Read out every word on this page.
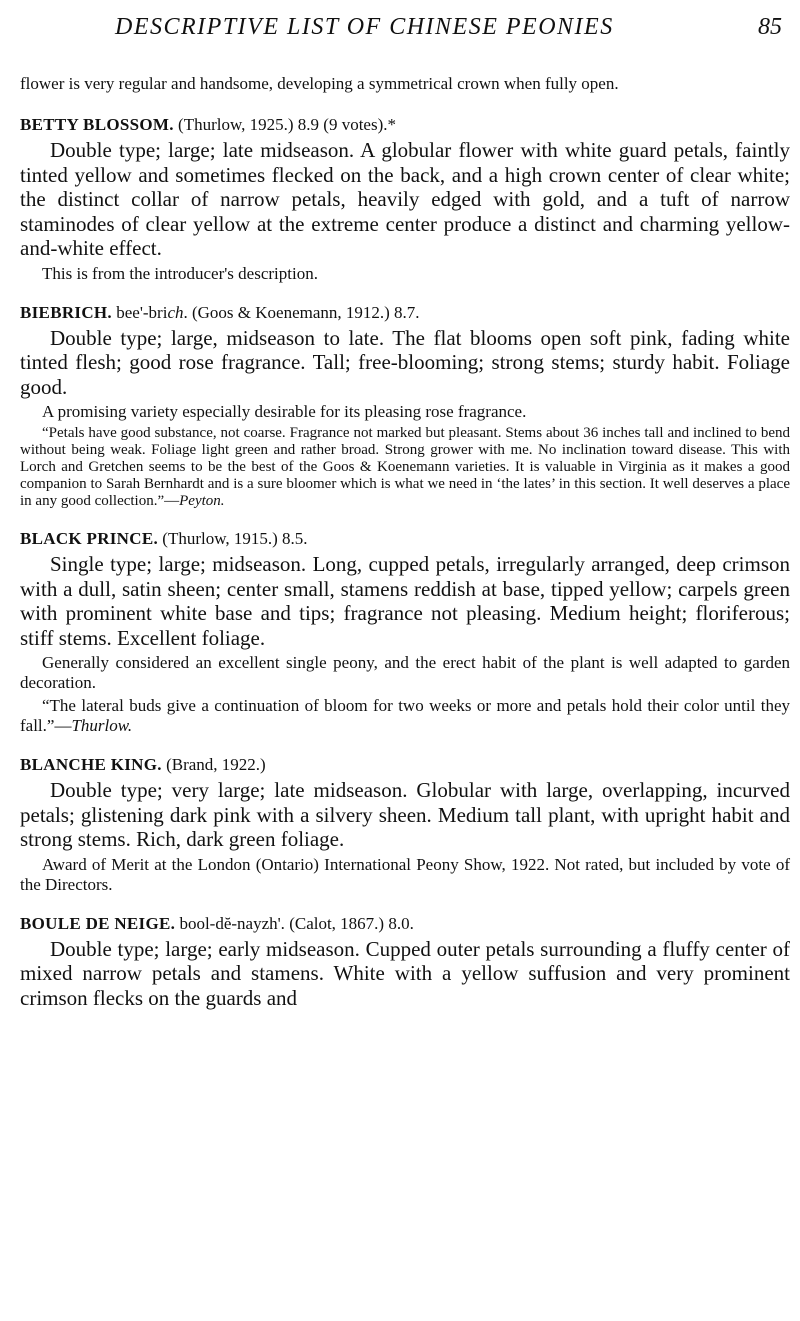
DESCRIPTIVE LIST OF CHINESE PEONIES	85

flower is very regular and handsome, developing a symmetrical crown when fully open.

BETTY BLOSSOM. (Thurlow, 1925.) 8.9 (9 votes).*

Double type; large; late midseason. A globular flower with white guard petals, faintly tinted yellow and sometimes flecked on the back, and a high crown center of clear white; the distinct collar of narrow petals, heavily edged with gold, and a tuft of narrow staminodes of clear yellow at the extreme center produce a distinct and charming yellow-and-white effect.

This is from the introducer's description.

BIEBRICH. bee'-brich. (Goos & Koenemann, 1912.) 8.7.

Double type; large, midseason to late. The flat blooms open soft pink, fading white tinted flesh; good rose fragrance. Tall; free-blooming; strong stems; sturdy habit. Foliage good.

A promising variety especially desirable for its pleasing rose fragrance.

“Petals have good substance, not coarse. Fragrance not marked but pleasant. Stems about 36 inches tall and inclined to bend without being weak. Foliage light green and rather broad. Strong grower with me. No inclination toward disease. This with Lorch and Gretchen seems to be the best of the Goos & Koenemann varieties. It is valuable in Virginia as it makes a good companion to Sarah Bernhardt and is a sure bloomer which is what we need in ‘the lates’ in this section. It well deserves a place in any good collection.”—Peyton.

BLACK PRINCE. (Thurlow, 1915.) 8.5.

Single type; large; midseason. Long, cupped petals, irregularly arranged, deep crimson with a dull, satin sheen; center small, stamens reddish at base, tipped yellow; carpels green with prominent white base and tips; fragrance not pleasing. Medium height; floriferous; stiff stems. Excellent foliage.

Generally considered an excellent single peony, and the erect habit of the plant is well adapted to garden decoration.

“The lateral buds give a continuation of bloom for two weeks or more and petals hold their color until they fall.”—Thurlow.

BLANCHE KING. (Brand, 1922.)

Double type; very large; late midseason. Globular with large, overlapping, incurved petals; glistening dark pink with a silvery sheen. Medium tall plant, with upright habit and strong stems. Rich, dark green foliage.

Award of Merit at the London (Ontario) International Peony Show, 1922. Not rated, but included by vote of the Directors.

BOULE DE NEIGE. bool-dĕ-nayzh'. (Calot, 1867.) 8.0.

Double type; large; early midseason. Cupped outer petals surrounding a fluffy center of mixed narrow petals and stamens. White with a yellow suffusion and very prominent crimson flecks on the guards and
